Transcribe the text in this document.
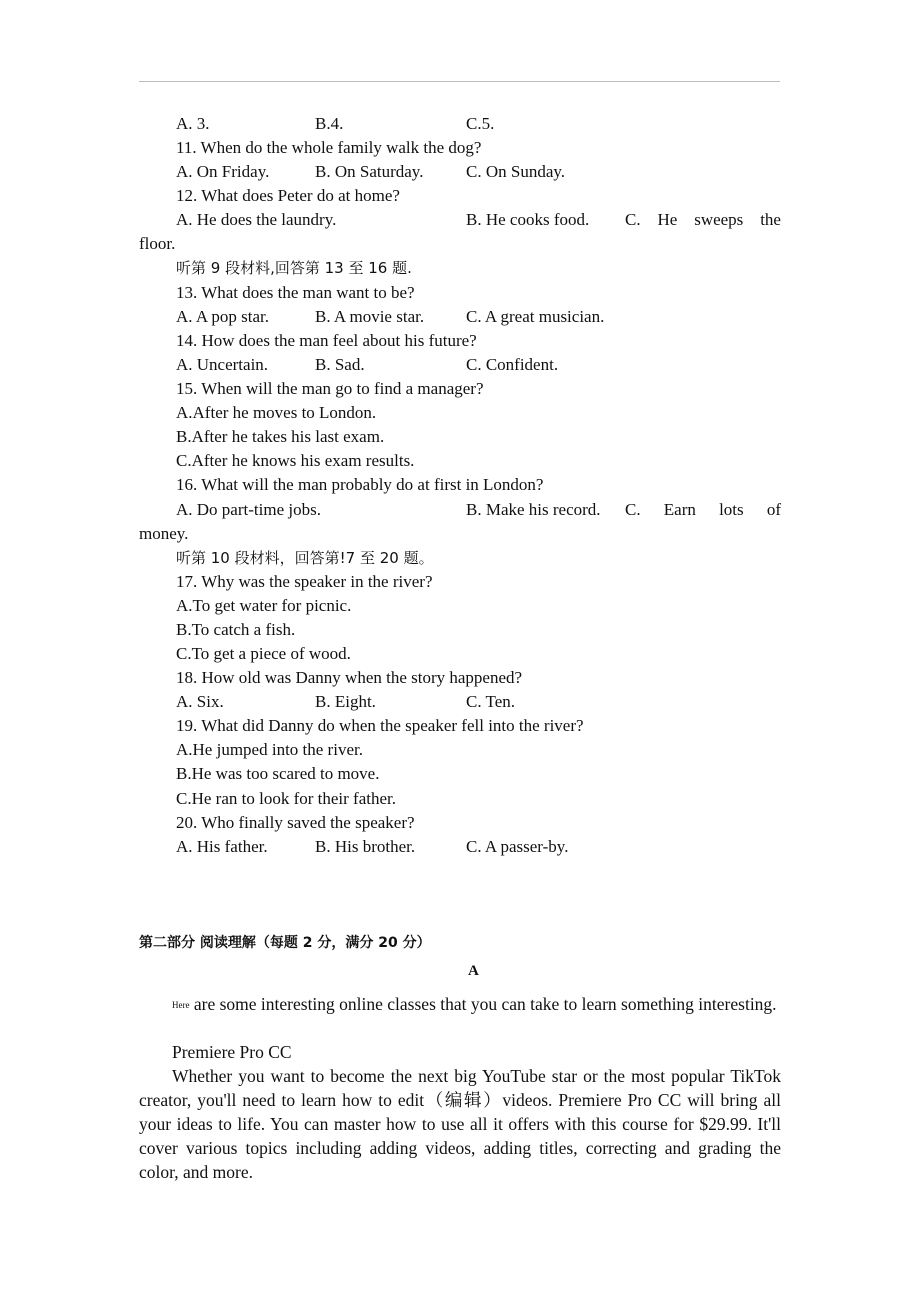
A. 3.	B.4.	C.5.
11. When do the whole family walk the dog?
A. On Friday.	B. On Saturday.	C. On Sunday.
12. What does Peter do at home?
A. He does the laundry.	B. He cooks food. C. He sweeps the
floor.
听第 9 段材料,回答第 13 至 16 题.
13. What does the man want to be?
A. A pop star.	B. A movie star. C. A great musician.
14. How does the man feel about his future?
A. Uncertain.	B. Sad.	C. Confident.
15. When will the man go to find a manager?
A.After he moves to London.
B.After he takes his last exam.
C.After he knows his exam results.
16. What will the man probably do at first in London?
A. Do part-time jobs.	B. Make his record. C. Earn lots of
money.
听第 10 段材料，回答第!7 至 20 题。
17. Why was the speaker in the river?
A.To get water for picnic.
B.To catch a fish.
C.To get a piece of wood.
18. How old was Danny when the story happened?
A. Six.	B. Eight.	C. Ten.
19. What did Danny do when the speaker fell into the river?
A.He jumped into the river.
B.He was too scared to move.
C.He ran to look for their father.
20. Who finally saved the speaker?
A. His father.	B. His brother.	C. A passer-by.
第二部分 阅读理解（每题 2 分，满分 20 分）
A
Here are some interesting online classes that you can take to learn something interesting.
Premiere Pro CC
Whether you want to become the next big YouTube star or the most popular TikTok creator, you'll need to learn how to edit（编辑）videos. Premiere Pro CC will bring all your ideas to life. You can master how to use all it offers with this course for $29.99. It'll cover various topics including adding videos, adding titles, correcting and grading the color, and more.
